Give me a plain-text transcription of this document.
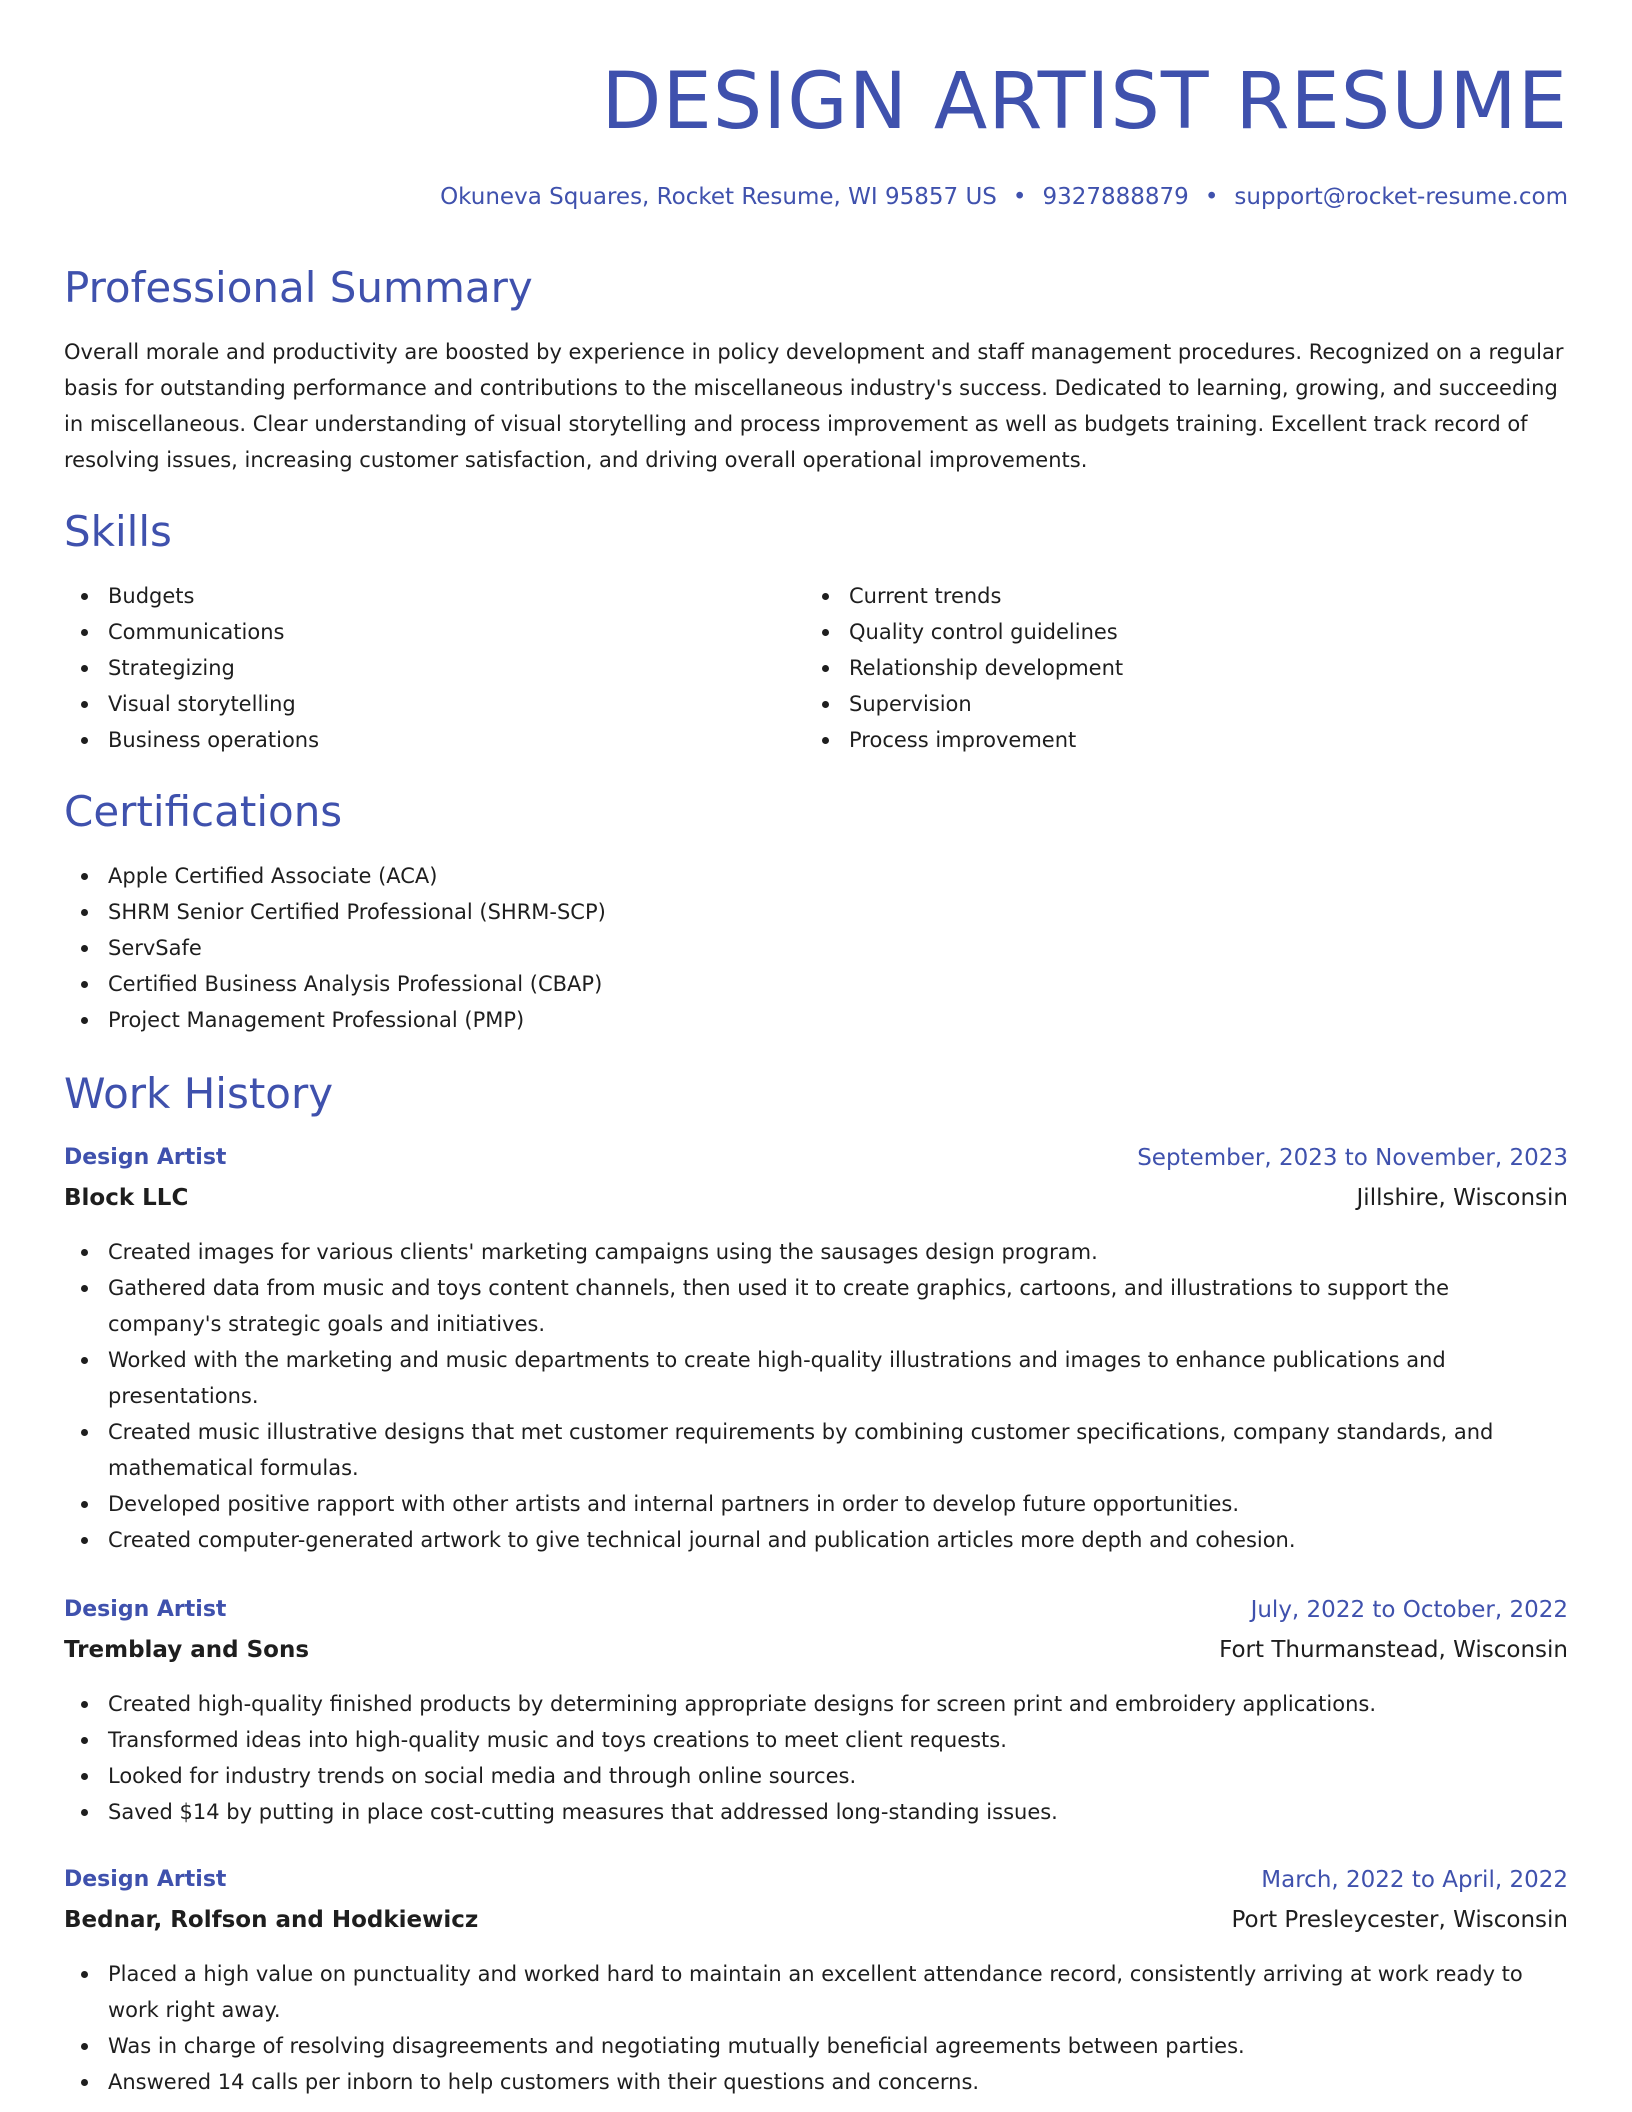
DESIGN ARTIST RESUME
Okuneva Squares, Rocket Resume, WI 95857 US • 9327888879 • support@rocket-resume.com
Professional Summary

Overall morale and productivity are boosted by experience in policy development and staff management procedures. Recognized on a regular basis for outstanding performance and contributions to the miscellaneous industry's success. Dedicated to learning, growing, and succeeding in miscellaneous. Clear understanding of visual storytelling and process improvement as well as budgets training. Excellent track record of resolving issues, increasing customer satisfaction, and driving overall operational improvements.

Skills
Budgets
Communications
Strategizing
Visual storytelling
Business operations
Current trends
Quality control guidelines
Relationship development
Supervision
Process improvement
Certifications
Apple Certified Associate (ACA)
SHRM Senior Certified Professional (SHRM-SCP)
ServSafe
Certified Business Analysis Professional (CBAP)
Project Management Professional (PMP)
Work History
Design Artist	September, 2023 to November, 2023
Block LLC	Jillshire, Wisconsin
Created images for various clients' marketing campaigns using the sausages design program.
Gathered data from music and toys content channels, then used it to create graphics, cartoons, and illustrations to support the company's strategic goals and initiatives.
Worked with the marketing and music departments to create high-quality illustrations and images to enhance publications and presentations.
Created music illustrative designs that met customer requirements by combining customer specifications, company standards, and mathematical formulas.
Developed positive rapport with other artists and internal partners in order to develop future opportunities.
Created computer-generated artwork to give technical journal and publication articles more depth and cohesion.
Design Artist	July, 2022 to October, 2022
Tremblay and Sons	Fort Thurmanstead, Wisconsin
Created high-quality finished products by determining appropriate designs for screen print and embroidery applications.
Transformed ideas into high-quality music and toys creations to meet client requests.
Looked for industry trends on social media and through online sources.
Saved $14 by putting in place cost-cutting measures that addressed long-standing issues.
Design Artist	March, 2022 to April, 2022
Bednar, Rolfson and Hodkiewicz	Port Presleycester, Wisconsin
Placed a high value on punctuality and worked hard to maintain an excellent attendance record, consistently arriving at work ready to work right away.
Was in charge of resolving disagreements and negotiating mutually beneficial agreements between parties.
Answered 14 calls per inborn to help customers with their questions and concerns.
